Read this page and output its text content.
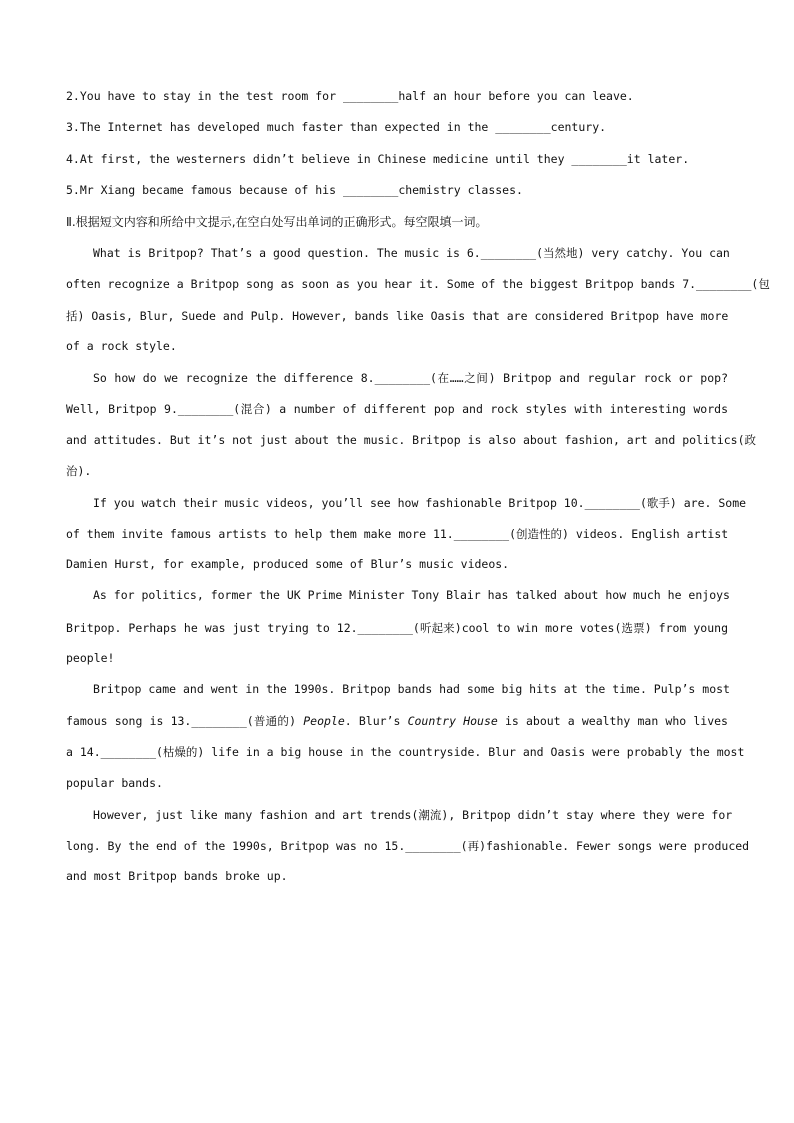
2.You have to stay in the test room for ________half an hour before you can leave.
3.The Internet has developed much faster than expected in the ________century.
4.At first, the westerners didn’t believe in Chinese medicine until they ________it later.
5.Mr Xiang became famous because of his ________chemistry classes.
Ⅱ.根据短文内容和所给中文提示,在空白处写出单词的正确形式。每空限填一词。
What is Britpop? That’s a good question. The music is 6.________(当然地) very catchy. You can
often recognize a Britpop song as soon as you hear it. Some of the biggest Britpop bands 7.________(包
括) Oasis, Blur, Suede and Pulp. However, bands like Oasis that are considered Britpop have more
of a rock style.
So how do we recognize the difference 8.________(在……之间) Britpop and regular rock or pop?
Well, Britpop 9.________(混合) a number of different pop and rock styles with interesting words
and attitudes. But it’s not just about the music. Britpop is also about fashion, art and politics(政
治).
If you watch their music videos, you’ll see how fashionable Britpop 10.________(歌手) are. Some
of them invite famous artists to help them make more 11.________(创造性的) videos. English artist
Damien Hurst, for example, produced some of Blur’s music videos.
As for politics, former the UK Prime Minister Tony Blair has talked about how much he enjoys
Britpop. Perhaps he was just trying to 12.________(听起来)cool to win more votes(选票) from young
people!
Britpop came and went in the 1990s. Britpop bands had some big hits at the time. Pulp’s most
famous song is 13.________(普通的) People. Blur’s Country House is about a wealthy man who lives
a 14.________(枯燥的) life in a big house in the countryside. Blur and Oasis were probably the most
popular bands.
However, just like many fashion and art trends(潮流), Britpop didn’t stay where they were for
long. By the end of the 1990s, Britpop was no 15.________(再)fashionable. Fewer songs were produced
and most Britpop bands broke up.
